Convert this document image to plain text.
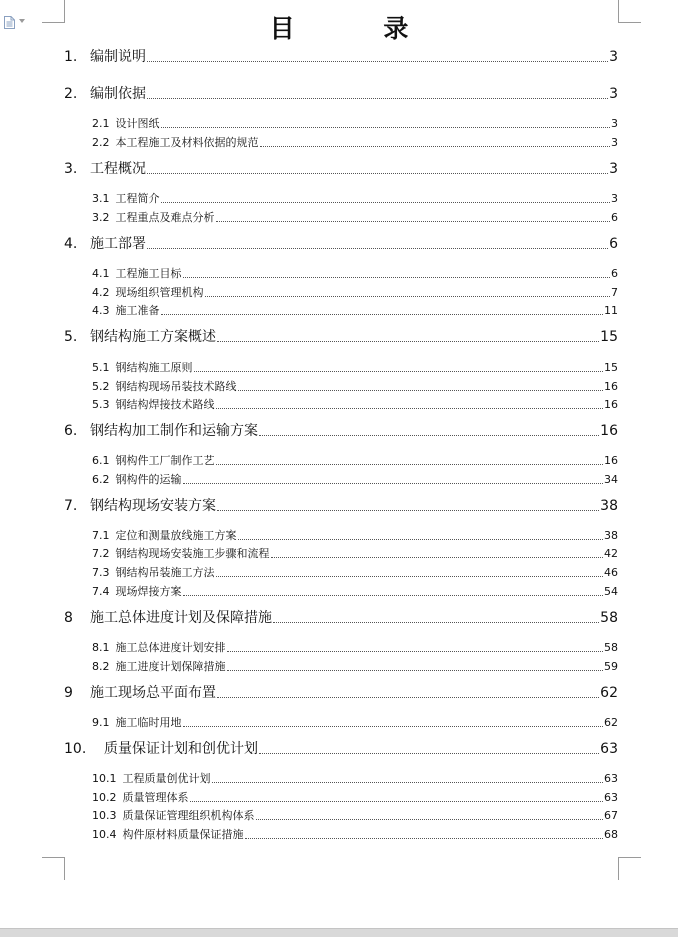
目 录
1. 编制说明	3
2. 编制依据	3
2.1 设计图纸	3
2.2 本工程施工及材料依据的规范	3
3. 工程概况	3
3.1 工程简介	3
3.2 工程重点及难点分析	6
4. 施工部署	6
4.1 工程施工目标	6
4.2 现场组织管理机构	7
4.3 施工准备	11
5. 钢结构施工方案概述	15
5.1 钢结构施工原则	15
5.2 钢结构现场吊装技术路线	16
5.3 钢结构焊接技术路线	16
6. 钢结构加工制作和运输方案	16
6.1 钢构件工厂制作工艺	16
6.2 钢构件的运输	34
7. 钢结构现场安装方案	38
7.1 定位和测量放线施工方案	38
7.2 钢结构现场安装施工步骤和流程	42
7.3 钢结构吊装施工方法	46
7.4 现场焊接方案	54
8 施工总体进度计划及保障措施	58
8.1 施工总体进度计划安排	58
8.2 施工进度计划保障措施	59
9 施工现场总平面布置	62
9.1 施工临时用地	62
10. 质量保证计划和创优计划	63
10.1 工程质量创优计划	63
10.2 质量管理体系	63
10.3 质量保证管理组织机构体系	67
10.4 构件原材料质量保证措施	68
